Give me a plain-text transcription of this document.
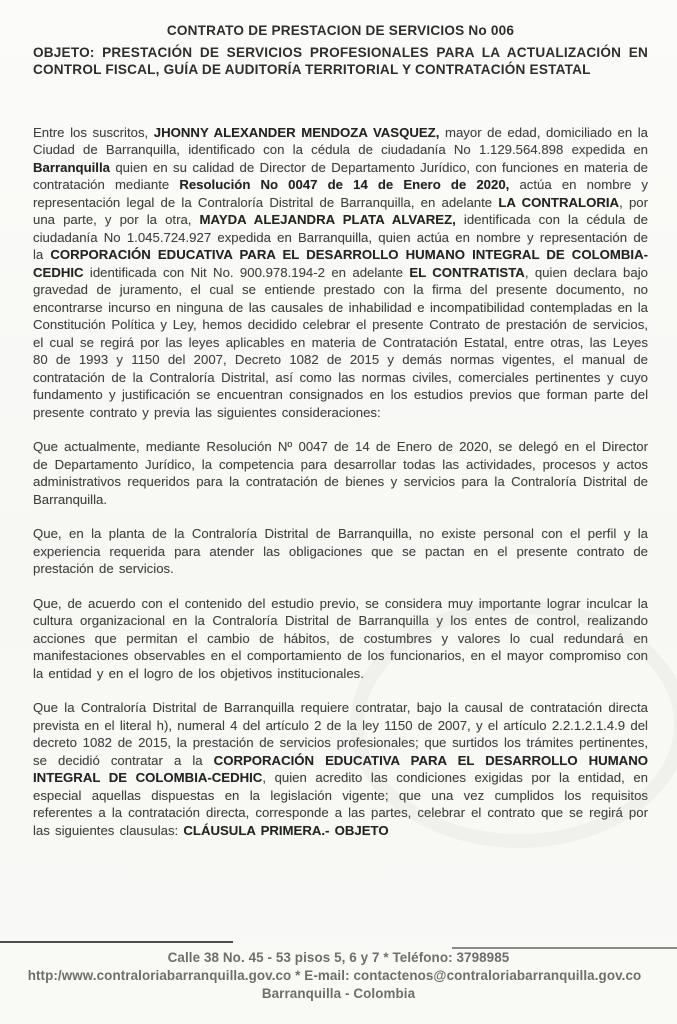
CONTRATO DE PRESTACION DE SERVICIOS No 006
OBJETO: PRESTACIÓN DE SERVICIOS PROFESIONALES PARA LA ACTUALIZACIÓN EN CONTROL FISCAL, GUÍA DE AUDITORÍA TERRITORIAL Y CONTRATACIÓN ESTATAL

Entre los suscritos, JHONNY ALEXANDER MENDOZA VASQUEZ, mayor de edad, domiciliado en la Ciudad de Barranquilla, identificado con la cédula de ciudadanía No 1.129.564.898 expedida en Barranquilla quien en su calidad de Director de Departamento Jurídico, con funciones en materia de contratación mediante Resolución No 0047 de 14 de Enero de 2020, actúa en nombre y representación legal de la Contraloría Distrital de Barranquilla, en adelante LA CONTRALORIA, por una parte, y por la otra, MAYDA ALEJANDRA PLATA ALVAREZ, identificada con la cédula de ciudadanía No 1.045.724.927 expedida en Barranquilla, quien actúa en nombre y representación de la CORPORACIÓN EDUCATIVA PARA EL DESARROLLO HUMANO INTEGRAL DE COLOMBIA-CEDHIC identificada con Nit No. 900.978.194-2 en adelante EL CONTRATISTA, quien declara bajo gravedad de juramento, el cual se entiende prestado con la firma del presente documento, no encontrarse incurso en ninguna de las causales de inhabilidad e incompatibilidad contempladas en la Constitución Política y Ley, hemos decidido celebrar el presente Contrato de prestación de servicios, el cual se regirá por las leyes aplicables en materia de Contratación Estatal, entre otras, las Leyes 80 de 1993 y 1150 del 2007, Decreto 1082 de 2015 y demás normas vigentes, el manual de contratación de la Contraloría Distrital, así como las normas civiles, comerciales pertinentes y cuyo fundamento y justificación se encuentran consignados en los estudios previos que forman parte del presente contrato y previa las siguientes consideraciones:

Que actualmente, mediante Resolución Nº 0047 de 14 de Enero de 2020, se delegó en el Director de Departamento Jurídico, la competencia para desarrollar todas las actividades, procesos y actos administrativos requeridos para la contratación de bienes y servicios para la Contraloría Distrital de Barranquilla.

Que, en la planta de la Contraloría Distrital de Barranquilla, no existe personal con el perfil y la experiencia requerida para atender las obligaciones que se pactan en el presente contrato de prestación de servicios.

Que, de acuerdo con el contenido del estudio previo, se considera muy importante lograr inculcar la cultura organizacional en la Contraloría Distrital de Barranquilla y los entes de control, realizando acciones que permitan el cambio de hábitos, de costumbres y valores lo cual redundará en manifestaciones observables en el comportamiento de los funcionarios, en el mayor compromiso con la entidad y en el logro de los objetivos institucionales.

Que la Contraloría Distrital de Barranquilla requiere contratar, bajo la causal de contratación directa prevista en el literal h), numeral 4 del artículo 2 de la ley 1150 de 2007, y el artículo 2.2.1.2.1.4.9 del decreto 1082 de 2015, la prestación de servicios profesionales; que surtidos los trámites pertinentes, se decidió contratar a la CORPORACIÓN EDUCATIVA PARA EL DESARROLLO HUMANO INTEGRAL DE COLOMBIA-CEDHIC, quien acredito las condiciones exigidas por la entidad, en especial aquellas dispuestas en la legislación vigente; que una vez cumplidos los requisitos referentes a la contratación directa, corresponde a las partes, celebrar el contrato que se regirá por las siguientes clausulas: CLÁUSULA PRIMERA.- OBJETO

Calle 38 No. 45 - 53 pisos 5, 6 y 7 * Teléfono: 3798985
http:/www.contraloriabarranquilla.gov.co * E-mail: contactenos@contraloriabarranquilla.gov.co
Barranquilla - Colombia
